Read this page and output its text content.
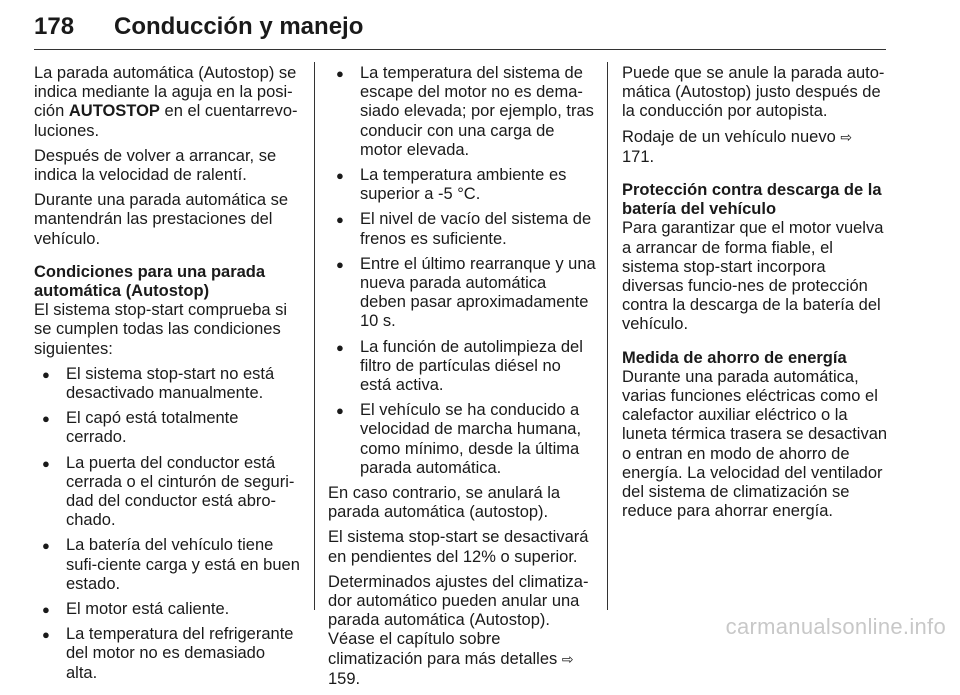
178 Conducción y manejo

La parada automática (Autostop) se indica mediante la aguja en la posi-ción AUTOSTOP en el cuentarrevo-luciones.

Después de volver a arrancar, se indica la velocidad de ralentí.

Durante una parada automática se mantendrán las prestaciones del vehículo.

Condiciones para una parada automática (Autostop)

El sistema stop-start comprueba si se cumplen todas las condiciones siguientes:

● El sistema stop-start no está desactivado manualmente.
● El capó está totalmente cerrado.
● La puerta del conductor está cerrada o el cinturón de seguri-dad del conductor está abro-chado.
● La batería del vehículo tiene sufi-ciente carga y está en buen estado.
● El motor está caliente.
● La temperatura del refrigerante del motor no es demasiado alta.
● La temperatura del sistema de escape del motor no es dema-siado elevada; por ejemplo, tras conducir con una carga de motor elevada.
● La temperatura ambiente es superior a -5 °C.
● El nivel de vacío del sistema de frenos es suficiente.
● Entre el último rearranque y una nueva parada automática deben pasar aproximadamente 10 s.
● La función de autolimpieza del filtro de partículas diésel no está activa.
● El vehículo se ha conducido a velocidad de marcha humana, como mínimo, desde la última parada automática.

En caso contrario, se anulará la parada automática (autostop).

El sistema stop-start se desactivará en pendientes del 12% o superior.

Determinados ajustes del climatiza-dor automático pueden anular una parada automática (Autostop). Véase el capítulo sobre climatización para más detalles ⇨ 159.

Puede que se anule la parada auto-mática (Autostop) justo después de la conducción por autopista.

Rodaje de un vehículo nuevo ⇨ 171.

Protección contra descarga de la batería del vehículo

Para garantizar que el motor vuelva a arrancar de forma fiable, el sistema stop-start incorpora diversas funcio-nes de protección contra la descarga de la batería del vehículo.

Medida de ahorro de energía

Durante una parada automática, varias funciones eléctricas como el calefactor auxiliar eléctrico o la luneta térmica trasera se desactivan o entran en modo de ahorro de energía. La velocidad del ventilador del sistema de climatización se reduce para ahorrar energía.

carmanualsonline.info
